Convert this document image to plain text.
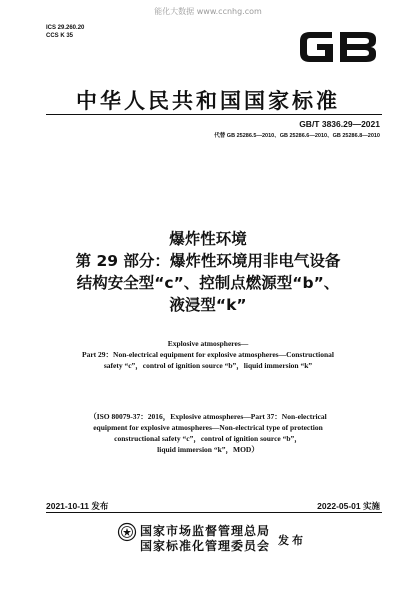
能化大数据 www.ccnhg.com
ICS 29.260.20
CCS K 35
GB
中华人民共和国国家标准
GB/T 3836.29—2021
代替 GB 25286.5—2010、GB 25286.6—2010、GB 25286.8—2010
爆炸性环境
第 29 部分：爆炸性环境用非电气设备
结构安全型“c”、控制点燃源型“b”、
液浸型“k”
Explosive atmospheres—
Part 29：Non-electrical equipment for explosive atmospheres—Constructional
safety “c”，control of ignition source “b”，liquid immersion “k”
（ISO 80079-37：2016，Explosive atmospheres—Part 37：Non-electrical
equipment for explosive atmospheres—Non-electrical type of protection
constructional safety “c”，control of ignition source “b”，
liquid immersion “k”，MOD）
2021-10-11 发布	2022-05-01 实施
国家市场监督管理总局
国家标准化管理委员会 发布
